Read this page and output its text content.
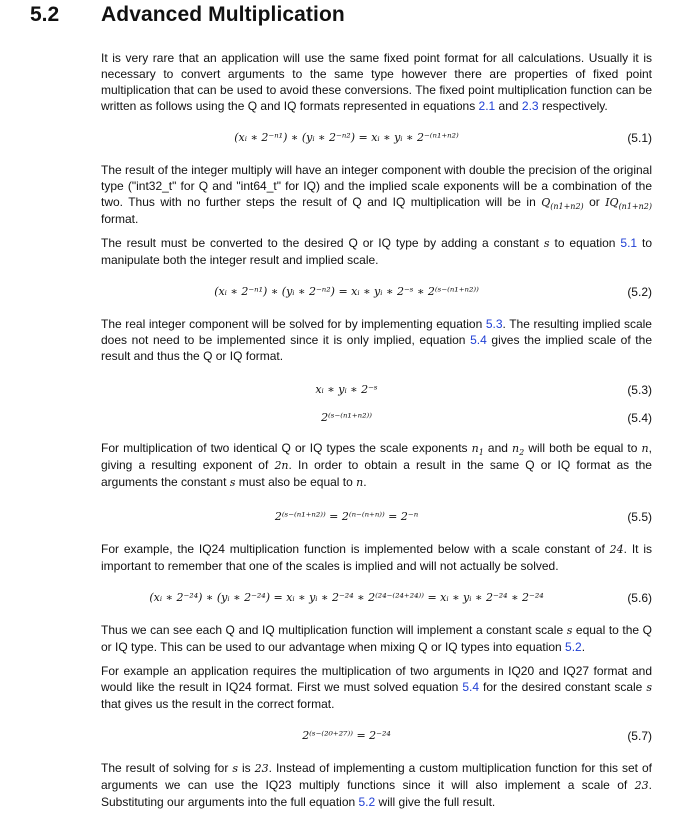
5.2	Advanced Multiplication

It is very rare that an application will use the same fixed point format for all calculations. Usually it is necessary to convert arguments to the same type however there are properties of fixed point multiplication that can be used to avoid these conversions. The fixed point multiplication function can be written as follows using the Q and IQ formats represented in equations 2.1 and 2.3 respectively.

(xᵢ ∗ 2⁻ⁿ¹) ∗ (yᵢ ∗ 2⁻ⁿ²) = xᵢ ∗ yᵢ ∗ 2⁻⁽ⁿ¹⁺ⁿ²⁾	(5.1)

The result of the integer multiply will have an integer component with double the precision of the original type ("int32_t" for Q and "int64_t" for IQ) and the implied scale exponents will be a combination of the two. Thus with no further steps the result of Q and IQ multiplication will be in $Q_{(n1+n2)}$ or $IQ_{(n1+n2)}$ format.

The result must be converted to the desired Q or IQ type by adding a constant s to equation 5.1 to manipulate both the integer result and implied scale.

(xᵢ ∗ 2⁻ⁿ¹) ∗ (yᵢ ∗ 2⁻ⁿ²) = xᵢ ∗ yᵢ ∗ 2⁻ˢ ∗ 2⁽ˢ⁻⁽ⁿ¹⁺ⁿ²⁾⁾	(5.2)

The real integer component will be solved for by implementing equation 5.3. The resulting implied scale does not need to be implemented since it is only implied, equation 5.4 gives the implied scale of the result and thus the Q or IQ format.

xᵢ ∗ yᵢ ∗ 2⁻ˢ	(5.3)
2⁽ˢ⁻⁽ⁿ¹⁺ⁿ²⁾⁾	(5.4)

For multiplication of two identical Q or IQ types the scale exponents $n_1$ and $n_2$ will both be equal to n, giving a resulting exponent of 2n. In order to obtain a result in the same Q or IQ format as the arguments the constant s must also be equal to n.

2⁽ˢ⁻⁽ⁿ¹⁺ⁿ²⁾⁾ = 2⁽ⁿ⁻⁽ⁿ⁺ⁿ⁾⁾ = 2⁻ⁿ	(5.5)

For example, the IQ24 multiplication function is implemented below with a scale constant of 24. It is important to remember that one of the scales is implied and will not actually be solved.

(xᵢ ∗ 2⁻²⁴) ∗ (yᵢ ∗ 2⁻²⁴) = xᵢ ∗ yᵢ ∗ 2⁻²⁴ ∗ 2⁽²⁴⁻⁽²⁴⁺²⁴⁾⁾ = xᵢ ∗ yᵢ ∗ 2⁻²⁴ ∗ 2⁻²⁴	(5.6)

Thus we can see each Q and IQ multiplication function will implement a constant scale s equal to the Q or IQ type. This can be used to our advantage when mixing Q or IQ types into equation 5.2.

For example an application requires the multiplication of two arguments in IQ20 and IQ27 format and would like the result in IQ24 format. First we must solved equation 5.4 for the desired constant scale s that gives us the result in the correct format.

2⁽ˢ⁻⁽²⁰⁺²⁷⁾⁾ = 2⁻²⁴	(5.7)

The result of solving for s is 23. Instead of implementing a custom multiplication function for this set of arguments we can use the IQ23 multiply functions since it will also implement a scale of 23. Substituting our arguments into the full equation 5.2 will give the full result.
